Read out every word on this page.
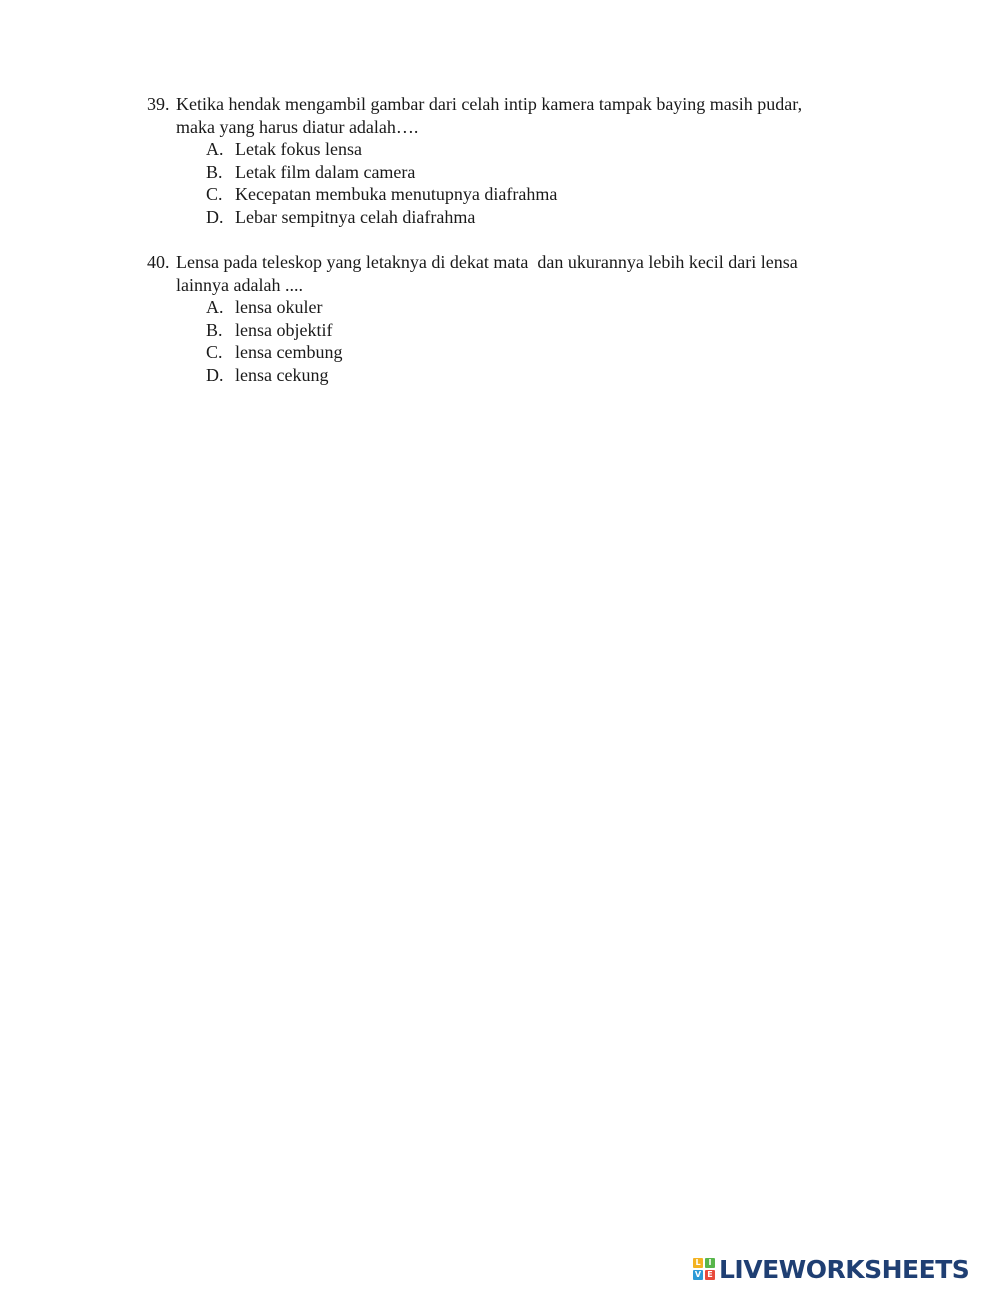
39. Ketika hendak mengambil gambar dari celah intip kamera tampak baying masih pudar,
maka yang harus diatur adalah….
A. Letak fokus lensa
B. Letak film dalam camera
C. Kecepatan membuka menutupnya diafrahma
D. Lebar sempitnya celah diafrahma
40. Lensa pada teleskop yang letaknya di dekat mata  dan ukurannya lebih kecil dari lensa
lainnya adalah ....
A. lensa okuler
B. lensa objektif
C. lensa cembung
D. lensa cekung
L I
V E LIVEWORKSHEETS
